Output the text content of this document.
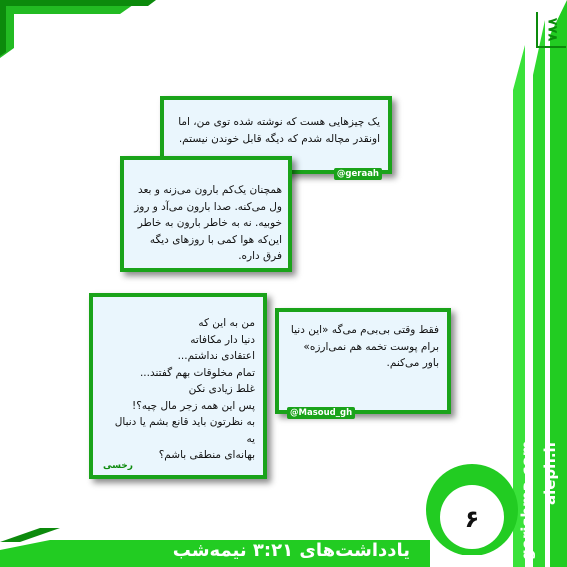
۷۷۸
aleph.ir
gerishma.com
۶
یادداشت‌های ۳:۲۱ نیمه‌شب
یک چیزهایی هست که نوشته شده توی من، اما اونقدر مچاله شدم که دیگه قابل خوندن نیستم.
@geraah
همچنان یک‌کم بارون می‌زنه و بعد ول می‌کنه. صدا بارون می‌آد و روز خوبیه. نه به خاطر بارون به خاطر این‌که هوا کمی با روزهای دیگه فرق داره.
فقط وقتی بی‌بی‌م می‌گه «این دنیا برام پوست تخمه هم نمی‌ارزه» باور می‌کنم.
@Masoud_gh
من به این که
دنیا دار مکافاته
اعتقادی نداشتم...
تمام مخلوقات بهم گفتند...
غلط زیادی نکن
پس این همه زجر مال چیه؟!
به نظرتون باید قانع بشم یا دنبال یه
بهانه‌ای منطقی باشم؟
رخسی
